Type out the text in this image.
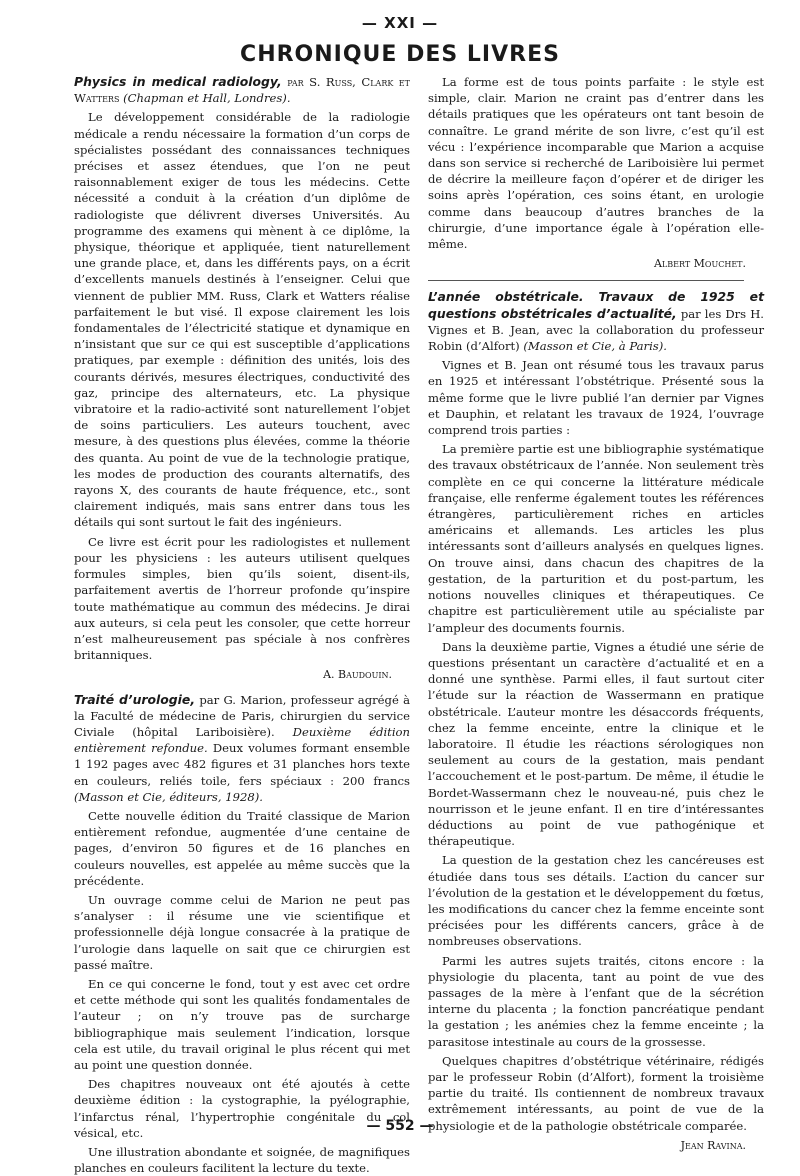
— XXI —
CHRONIQUE DES LIVRES

Physics in medical radiology, par S. Russ, Clark et Watters (Chapman et Hall, Londres).

Le développement considérable de la radiologie médicale a rendu nécessaire la formation d’un corps de spécialistes possédant des connaissances techniques précises et assez étendues, que l’on ne peut raisonnablement exiger de tous les médecins. Cette nécessité a conduit à la création d’un diplôme de radiologiste que délivrent diverses Universités. Au programme des examens qui mènent à ce diplôme, la physique, théorique et appliquée, tient naturellement une grande place, et, dans les différents pays, on a écrit d’excellents manuels destinés à l’enseigner. Celui que viennent de publier MM. Russ, Clark et Watters réalise parfaitement le but visé. Il expose clairement les lois fondamentales de l’électricité statique et dynamique en n’insistant que sur ce qui est susceptible d’applications pratiques, par exemple : définition des unités, lois des courants dérivés, mesures électriques, conductivité des gaz, principe des alternateurs, etc. La physique vibratoire et la radio-activité sont naturellement l’objet de soins particuliers. Les auteurs touchent, avec mesure, à des questions plus élevées, comme la théorie des quanta. Au point de vue de la technologie pratique, les modes de production des courants alternatifs, des rayons X, des courants de haute fréquence, etc., sont clairement indiqués, mais sans entrer dans tous les détails qui sont surtout le fait des ingénieurs.

Ce livre est écrit pour les radiologistes et nullement pour les physiciens : les auteurs utilisent quelques formules simples, bien qu’ils soient, disent-ils, parfaitement avertis de l’horreur profonde qu’inspire toute mathématique au commun des médecins. Je dirai aux auteurs, si cela peut les consoler, que cette horreur n’est malheureusement pas spéciale à nos confrères britanniques.

A. Baudouin.

Traité d’urologie, par G. Marion, professeur agrégé à la Faculté de médecine de Paris, chirurgien du service Civiale (hôpital Lariboisière). Deuxième édition entièrement refondue. Deux volumes formant ensemble 1 192 pages avec 482 figures et 31 planches hors texte en couleurs, reliés toile, fers spéciaux : 200 francs (Masson et Cie, éditeurs, 1928).

Cette nouvelle édition du Traité classique de Marion entièrement refondue, augmentée d’une centaine de pages, d’environ 50 figures et de 16 planches en couleurs nouvelles, est appelée au même succès que la précédente.

Un ouvrage comme celui de Marion ne peut pas s’analyser : il résume une vie scientifique et professionnelle déjà longue consacrée à la pratique de l’urologie dans laquelle on sait que ce chirurgien est passé maître.

En ce qui concerne le fond, tout y est avec cet ordre et cette méthode qui sont les qualités fondamentales de l’auteur ; on n’y trouve pas de surcharge bibliographique mais seulement l’indication, lorsque cela est utile, du travail original le plus récent qui met au point une question donnée.

Des chapitres nouveaux ont été ajoutés à cette deuxième édition : la cystographie, la pyélographie, l’infarctus rénal, l’hypertrophie congénitale du col vésical, etc.

Une illustration abondante et soignée, de magnifiques planches en couleurs facilitent la lecture du texte.

La forme est de tous points parfaite : le style est simple, clair. Marion ne craint pas d’entrer dans les détails pratiques que les opérateurs ont tant besoin de connaître. Le grand mérite de son livre, c’est qu’il est vécu : l’expérience incomparable que Marion a acquise dans son service si recherché de Lariboisière lui permet de décrire la meilleure façon d’opérer et de diriger les soins après l’opération, ces soins étant, en urologie comme dans beaucoup d’autres branches de la chirurgie, d’une importance égale à l’opération elle-même.

Albert Mouchet.

L’année obstétricale. Travaux de 1925 et questions obstétricales d’actualité, par les Drs H. Vignes et B. Jean, avec la collaboration du professeur Robin (d’Alfort) (Masson et Cie, à Paris).

Vignes et B. Jean ont résumé tous les travaux parus en 1925 et intéressant l’obstétrique. Présenté sous la même forme que le livre publié l’an dernier par Vignes et Dauphin, et relatant les travaux de 1924, l’ouvrage comprend trois parties :

La première partie est une bibliographie systématique des travaux obstétricaux de l’année. Non seulement très complète en ce qui concerne la littérature médicale française, elle renferme également toutes les références étrangères, particulièrement riches en articles américains et allemands. Les articles les plus intéressants sont d’ailleurs analysés en quelques lignes. On trouve ainsi, dans chacun des chapitres de la gestation, de la parturition et du post-partum, les notions nouvelles cliniques et thérapeutiques. Ce chapitre est particulièrement utile au spécialiste par l’ampleur des documents fournis.

Dans la deuxième partie, Vignes a étudié une série de questions présentant un caractère d’actualité et en a donné une synthèse. Parmi elles, il faut surtout citer l’étude sur la réaction de Wassermann en pratique obstétricale. L’auteur montre les désaccords fréquents, chez la femme enceinte, entre la clinique et le laboratoire. Il étudie les réactions sérologiques non seulement au cours de la gestation, mais pendant l’accouchement et le post-partum. De même, il étudie le Bordet-Wassermann chez le nouveau-né, puis chez le nourrisson et le jeune enfant. Il en tire d’intéressantes déductions au point de vue pathogénique et thérapeutique.

La question de la gestation chez les cancéreuses est étudiée dans tous ses détails. L’action du cancer sur l’évolution de la gestation et le développement du fœtus, les modifications du cancer chez la femme enceinte sont précisées pour les différents cancers, grâce à de nombreuses observations.

Parmi les autres sujets traités, citons encore : la physiologie du placenta, tant au point de vue des passages de la mère à l’enfant que de la sécrétion interne du placenta ; la fonction pancréatique pendant la gestation ; les anémies chez la femme enceinte ; la parasitose intestinale au cours de la grossesse.

Quelques chapitres d’obstétrique vétérinaire, rédigés par le professeur Robin (d’Alfort), forment la troisième partie du traité. Ils contiennent de nombreux travaux extrêmement intéressants, au point de vue de la physiologie et de la pathologie obstétricale comparée.

Jean Ravina.
— 552 —
